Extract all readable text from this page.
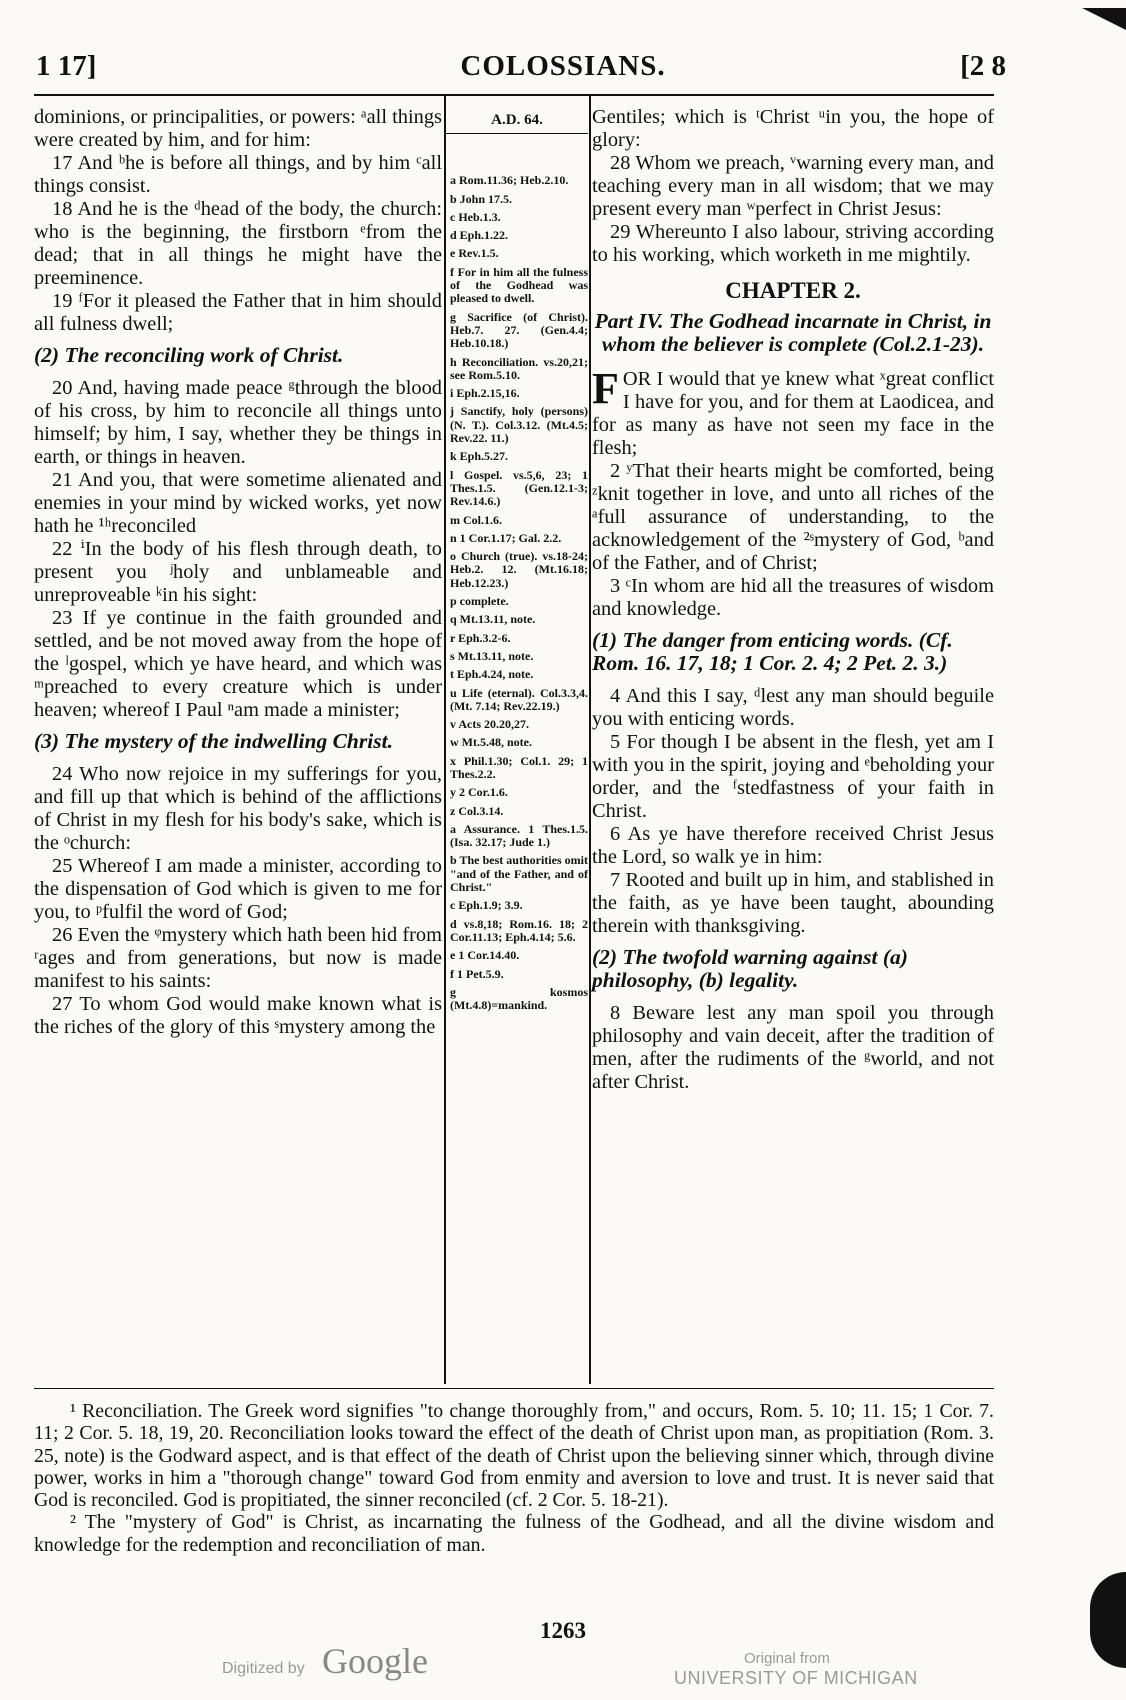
1 17]	COLOSSIANS.	[2 8

dominions, or principalities, or powers: ᵃall things were created by him, and for him:

17 And ᵇhe is before all things, and by him ᶜall things consist.

18 And he is the ᵈhead of the body, the church: who is the beginning, the firstborn ᵉfrom the dead; that in all things he might have the preeminence.

19 ᶠFor it pleased the Father that in him should all fulness dwell;

(2) The reconciling work of Christ.

20 And, having made peace ᵍthrough the blood of his cross, by him to reconcile all things unto himself; by him, I say, whether they be things in earth, or things in heaven.

21 And you, that were sometime alienated and enemies in your mind by wicked works, yet now hath he ¹ʰreconciled

22 ⁱIn the body of his flesh through death, to present you ʲholy and unblameable and unreproveable ᵏin his sight:

23 If ye continue in the faith grounded and settled, and be not moved away from the hope of the ˡgospel, which ye have heard, and which was ᵐpreached to every creature which is under heaven; whereof I Paul ⁿam made a minister;

(3) The mystery of the indwelling Christ.

24 Who now rejoice in my sufferings for you, and fill up that which is behind of the afflictions of Christ in my flesh for his body's sake, which is the ᵒchurch:

25 Whereof I am made a minister, according to the dispensation of God which is given to me for you, to ᵖfulfil the word of God;

26 Even the ᵠmystery which hath been hid from ʳages and from generations, but now is made manifest to his saints:

27 To whom God would make known what is the riches of the glory of this ˢmystery among the

A.D. 64.
a Rom.11.36; Heb.2.10.
b John 17.5.
c Heb.1.3.
d Eph.1.22.
e Rev.1.5.
f For in him all the fulness of the Godhead was pleased to dwell.
g Sacrifice (of Christ). Heb.7. 27. (Gen.4.4; Heb.10.18.)
h Reconciliation. vs.20,21; see Rom.5.10.
i Eph.2.15,16.
j Sanctify, holy (persons) (N. T.). Col.3.12. (Mt.4.5; Rev.22. 11.)
k Eph.5.27.
l Gospel. vs.5,6, 23; 1 Thes.1.5. (Gen.12.1-3; Rev.14.6.)
m Col.1.6.
n 1 Cor.1.17; Gal. 2.2.
o Church (true). vs.18-24; Heb.2. 12. (Mt.16.18; Heb.12.23.)
p complete.
q Mt.13.11, note.
r Eph.3.2-6.
s Mt.13.11, note.
t Eph.4.24, note.
u Life (eternal). Col.3.3,4. (Mt. 7.14; Rev.22.19.)
v Acts 20.20,27.
w Mt.5.48, note.
x Phil.1.30; Col.1. 29; 1 Thes.2.2.
y 2 Cor.1.6.
z Col.3.14.
a Assurance. 1 Thes.1.5. (Isa. 32.17; Jude 1.)
b The best authorities omit "and of the Father, and of Christ."
c Eph.1.9; 3.9.
d vs.8,18; Rom.16. 18; 2 Cor.11.13; Eph.4.14; 5.6.
e 1 Cor.14.40.
f 1 Pet.5.9.
g kosmos (Mt.4.8)=mankind.

Gentiles; which is ᵗChrist ᵘin you, the hope of glory:

28 Whom we preach, ᵛwarning every man, and teaching every man in all wisdom; that we may present every man ʷperfect in Christ Jesus:

29 Whereunto I also labour, striving according to his working, which worketh in me mightily.

CHAPTER 2.

Part IV. The Godhead incarnate in Christ, in whom the believer is complete (Col.2.1-23).

FOR I would that ye knew what ˣgreat conflict I have for you, and for them at Laodicea, and for as many as have not seen my face in the flesh;

2 ʸThat their hearts might be comforted, being ᶻknit together in love, and unto all riches of the ᵃfull assurance of understanding, to the acknowledgement of the ²ˢmystery of God, ᵇand of the Father, and of Christ;

3 ᶜIn whom are hid all the treasures of wisdom and knowledge.

(1) The danger from enticing words. (Cf. Rom. 16. 17, 18; 1 Cor. 2. 4; 2 Pet. 2. 3.)

4 And this I say, ᵈlest any man should beguile you with enticing words.

5 For though I be absent in the flesh, yet am I with you in the spirit, joying and ᵉbeholding your order, and the ᶠstedfastness of your faith in Christ.

6 As ye have therefore received Christ Jesus the Lord, so walk ye in him:

7 Rooted and built up in him, and stablished in the faith, as ye have been taught, abounding therein with thanksgiving.

(2) The twofold warning against (a) philosophy, (b) legality.

8 Beware lest any man spoil you through philosophy and vain deceit, after the tradition of men, after the rudiments of the ᵍworld, and not after Christ.

¹ Reconciliation. The Greek word signifies "to change thoroughly from," and occurs, Rom. 5. 10; 11. 15; 1 Cor. 7. 11; 2 Cor. 5. 18, 19, 20. Reconciliation looks toward the effect of the death of Christ upon man, as propitiation (Rom. 3. 25, note) is the Godward aspect, and is that effect of the death of Christ upon the believing sinner which, through divine power, works in him a "thorough change" toward God from enmity and aversion to love and trust. It is never said that God is reconciled. God is propitiated, the sinner reconciled (cf. 2 Cor. 5. 18-21).

² The "mystery of God" is Christ, as incarnating the fulness of the Godhead, and all the divine wisdom and knowledge for the redemption and reconciliation of man.

1263
Digitized by Google	Original from
UNIVERSITY OF MICHIGAN
